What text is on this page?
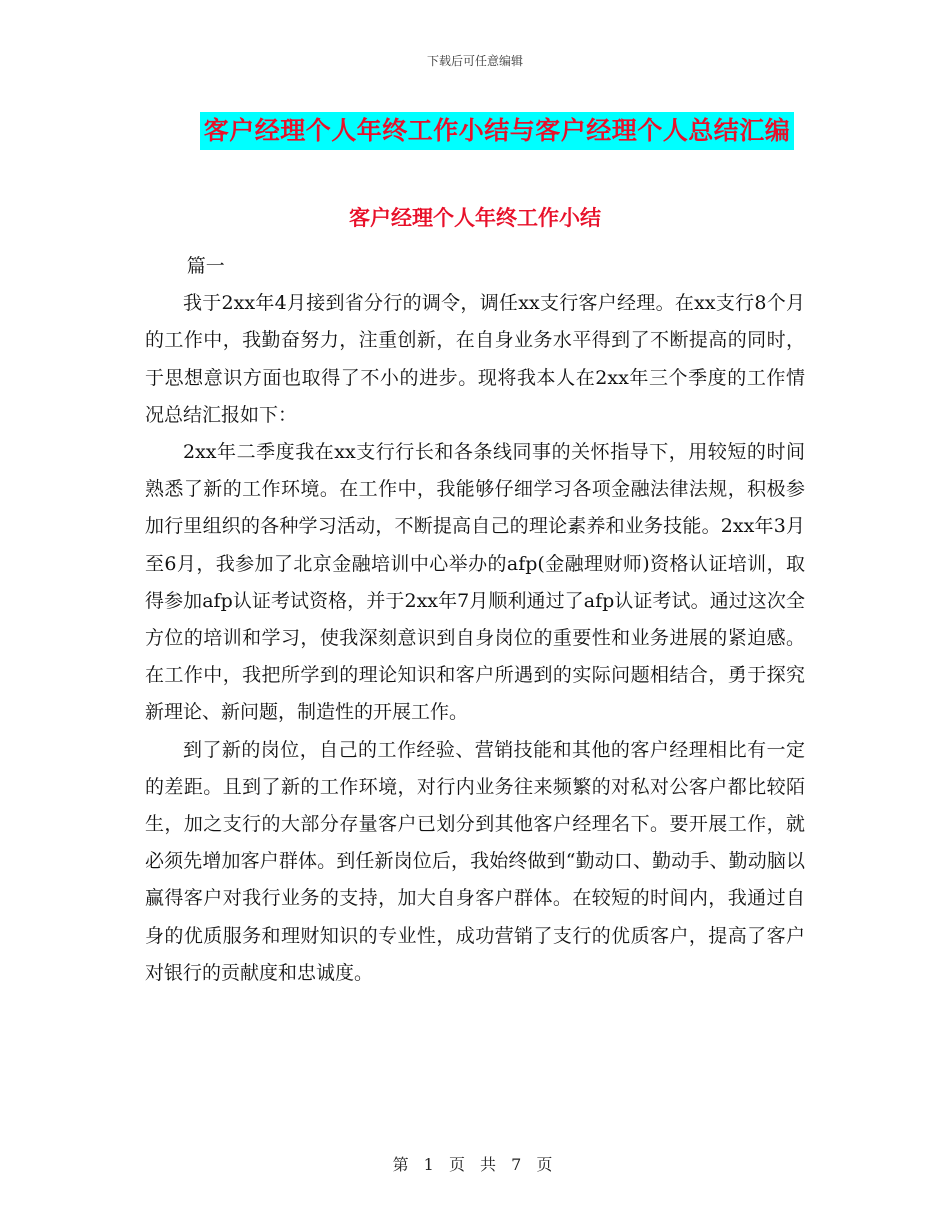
下载后可任意编辑
客户经理个人年终工作小结与客户经理个人总结汇编
客户经理个人年终工作小结

篇一

我于2xx年4月接到省分行的调令，调任xx支行客户经理。在xx支行8个月的工作中，我勤奋努力，注重创新，在自身业务水平得到了不断提高的同时，于思想意识方面也取得了不小的进步。现将我本人在2xx年三个季度的工作情况总结汇报如下：

2xx年二季度我在xx支行行长和各条线同事的关怀指导下，用较短的时间熟悉了新的工作环境。在工作中，我能够仔细学习各项金融法律法规，积极参加行里组织的各种学习活动，不断提高自己的理论素养和业务技能。2xx年3月至6月，我参加了北京金融培训中心举办的afp(金融理财师)资格认证培训，取得参加afp认证考试资格，并于2xx年7月顺利通过了afp认证考试。通过这次全方位的培训和学习，使我深刻意识到自身岗位的重要性和业务进展的紧迫感。在工作中，我把所学到的理论知识和客户所遇到的实际问题相结合，勇于探究新理论、新问题，制造性的开展工作。

到了新的岗位，自己的工作经验、营销技能和其他的客户经理相比有一定的差距。且到了新的工作环境，对行内业务往来频繁的对私对公客户都比较陌生，加之支行的大部分存量客户已划分到其他客户经理名下。要开展工作，就必须先增加客户群体。到任新岗位后，我始终做到“勤动口、勤动手、勤动脑以赢得客户对我行业务的支持，加大自身客户群体。在较短的时间内，我通过自身的优质服务和理财知识的专业性，成功营销了支行的优质客户，提高了客户对银行的贡献度和忠诚度。

第 1 页 共 7 页
